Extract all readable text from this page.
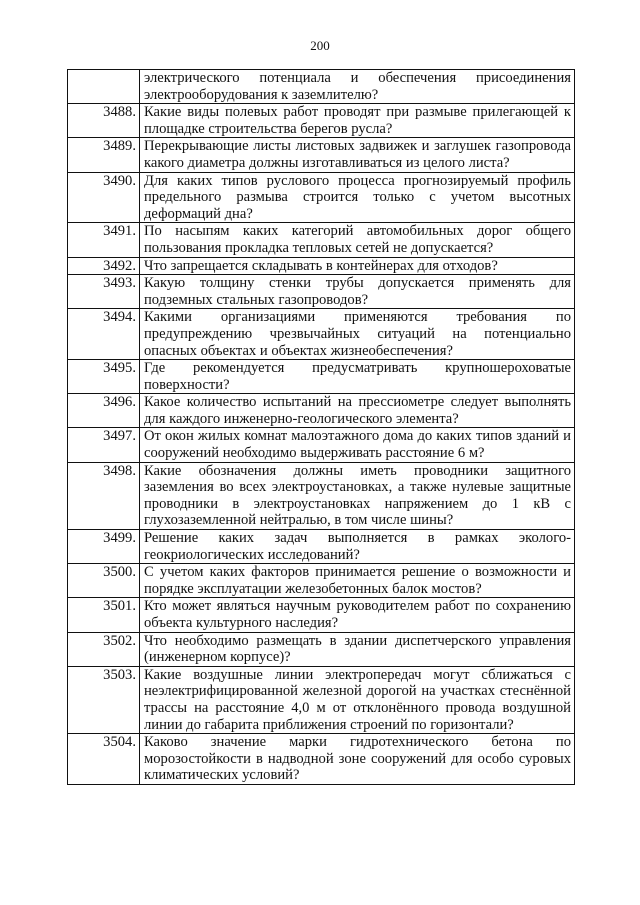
200
	электрического потенциала и обеспечения присоединения электрооборудования к заземлителю?
3488.	Какие виды полевых работ проводят при размыве прилегающей к площадке строительства берегов русла?
3489.	Перекрывающие листы листовых задвижек и заглушек газопровода какого диаметра должны изготавливаться из целого листа?
3490.	Для каких типов руслового процесса прогнозируемый профиль предельного размыва строится только с учетом высотных деформаций дна?
3491.	По насыпям каких категорий автомобильных дорог общего пользования прокладка тепловых сетей не допускается?
3492.	Что запрещается складывать в контейнерах для отходов?
3493.	Какую толщину стенки трубы допускается применять для подземных стальных газопроводов?
3494.	Какими организациями применяются требования по предупреждению чрезвычайных ситуаций на потенциально опасных объектах и объектах жизнеобеспечения?
3495.	Где рекомендуется предусматривать крупношероховатые поверхности?
3496.	Какое количество испытаний на прессиометре следует выполнять для каждого инженерно-геологического элемента?
3497.	От окон жилых комнат малоэтажного дома до каких типов зданий и сооружений необходимо выдерживать расстояние 6 м?
3498.	Какие обозначения должны иметь проводники защитного заземления во всех электроустановках, а также нулевые защитные проводники в электроустановках напряжением до 1 кВ с глухозаземленной нейтралью, в том числе шины?
3499.	Решение каких задач выполняется в рамках эколого-геокриологических исследований?
3500.	С учетом каких факторов принимается решение о возможности и порядке эксплуатации железобетонных балок мостов?
3501.	Кто может являться научным руководителем работ по сохранению объекта культурного наследия?
3502.	Что необходимо размещать в здании диспетчерского управления (инженерном корпусе)?
3503.	Какие воздушные линии электропередач могут сближаться с неэлектрифицированной железной дорогой на участках стеснённой трассы на расстояние 4,0 м от отклонённого провода воздушной линии до габарита приближения строений по горизонтали?
3504.	Каково значение марки гидротехнического бетона по морозостойкости в надводной зоне сооружений для особо суровых климатических условий?
